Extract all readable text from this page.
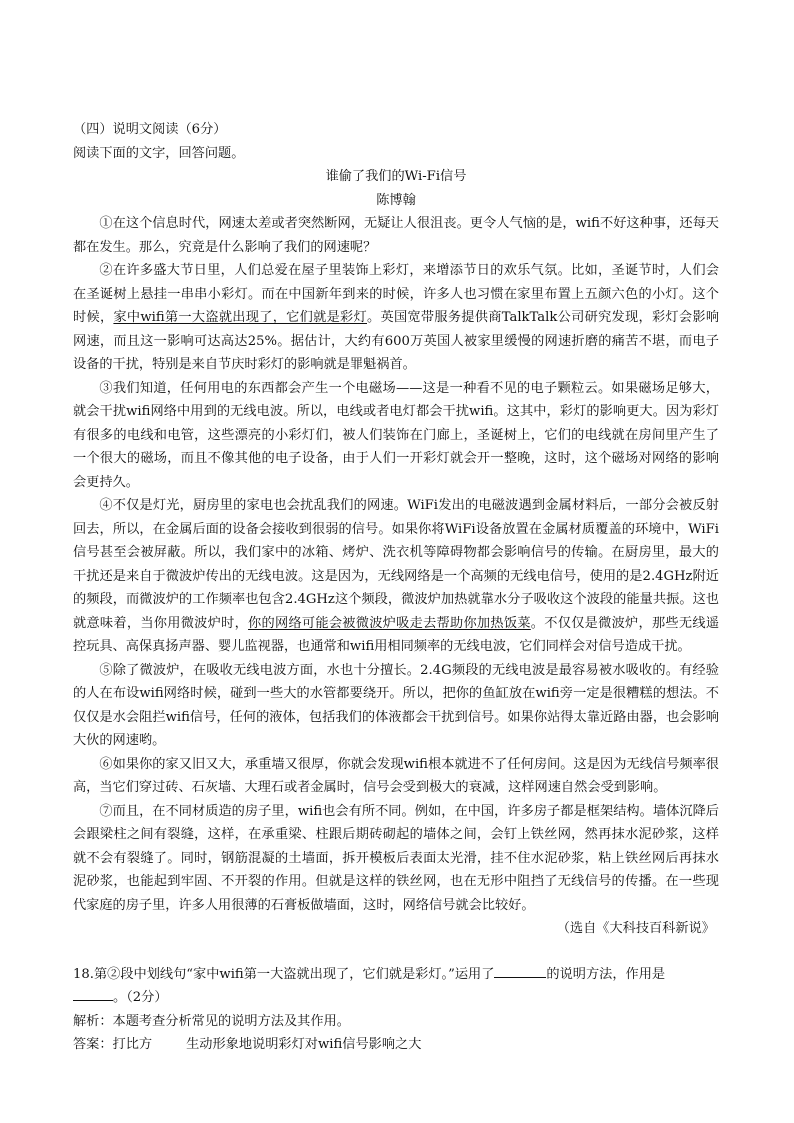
（四）说明文阅读（6分）
阅读下面的文字，回答问题。
谁偷了我们的Wi-Fi信号
陈博翰
①在这个信息时代，网速太差或者突然断网，无疑让人很沮丧。更令人气恼的是，wifi不好这种事，还每天都在发生。那么，究竟是什么影响了我们的网速呢？
②在许多盛大节日里，人们总爱在屋子里装饰上彩灯，来增添节日的欢乐气氛。比如，圣诞节时，人们会在圣诞树上悬挂一串串小彩灯。而在中国新年到来的时候，许多人也习惯在家里布置上五颜六色的小灯。这个时候，家中wifi第一大盗就出现了，它们就是彩灯。英国宽带服务提供商TalkTalk公司研究发现，彩灯会影响网速，而且这一影响可达高达25%。据估计，大约有600万英国人被家里缓慢的网速折磨的痛苦不堪，而电子设备的干扰，特别是来自节庆时彩灯的影响就是罪魁祸首。
③我们知道，任何用电的东西都会产生一个电磁场——这是一种看不见的电子颗粒云。如果磁场足够大，就会干扰wifi网络中用到的无线电波。所以，电线或者电灯都会干扰wifi。这其中，彩灯的影响更大。因为彩灯有很多的电线和电管，这些漂亮的小彩灯们，被人们装饰在门廊上，圣诞树上，它们的电线就在房间里产生了一个很大的磁场，而且不像其他的电子设备，由于人们一开彩灯就会开一整晚，这时，这个磁场对网络的影响会更持久。
④不仅是灯光，厨房里的家电也会扰乱我们的网速。WiFi发出的电磁波遇到金属材料后，一部分会被反射回去，所以，在金属后面的设备会接收到很弱的信号。如果你将WiFi设备放置在金属材质覆盖的环境中，WiFi信号甚至会被屏蔽。所以，我们家中的冰箱、烤炉、洗衣机等障碍物都会影响信号的传输。在厨房里，最大的干扰还是来自于微波炉传出的无线电波。这是因为，无线网络是一个高频的无线电信号，使用的是2.4GHz附近的频段，而微波炉的工作频率也包含2.4GHz这个频段，微波炉加热就靠水分子吸收这个波段的能量共振。这也就意味着，当你用微波炉时，你的网络可能会被微波炉吸走去帮助你加热饭菜。不仅仅是微波炉，那些无线遥控玩具、高保真扬声器、婴儿监视器，也通常和wifi用相同频率的无线电波，它们同样会对信号造成干扰。
⑤除了微波炉，在吸收无线电波方面，水也十分擅长。2.4G频段的无线电波是最容易被水吸收的。有经验的人在布设wifi网络时候，碰到一些大的水管都要绕开。所以，把你的鱼缸放在wifi旁一定是很糟糕的想法。不仅仅是水会阻拦wifi信号，任何的液体，包括我们的体液都会干扰到信号。如果你站得太靠近路由器，也会影响大伙的网速哟。
⑥如果你的家又旧又大，承重墙又很厚，你就会发现wifi根本就进不了任何房间。这是因为无线信号频率很高，当它们穿过砖、石灰墙、大理石或者金属时，信号会受到极大的衰减，这样网速自然会受到影响。
⑦而且，在不同材质造的房子里，wifi也会有所不同。例如，在中国，许多房子都是框架结构。墙体沉降后会跟梁柱之间有裂缝，这样，在承重梁、柱跟后期砖砌起的墙体之间，会钉上铁丝网，然再抹水泥砂浆，这样就不会有裂缝了。同时，钢筋混凝的土墙面，拆开模板后表面太光滑，挂不住水泥砂浆，粘上铁丝网后再抹水泥砂浆，也能起到牢固、不开裂的作用。但就是这样的铁丝网，也在无形中阻挡了无线信号的传播。在一些现代家庭的房子里，许多人用很薄的石膏板做墙面，这时，网络信号就会比较好。
（选自《大科技百科新说》
18.第②段中划线句“家中wifi第一大盗就出现了，它们就是彩灯。”运用了	的说明方法，作用是
。（2分）
解析：本题考查分析常见的说明方法及其作用。
答案：打比方	生动形象地说明彩灯对wifi信号影响之大
